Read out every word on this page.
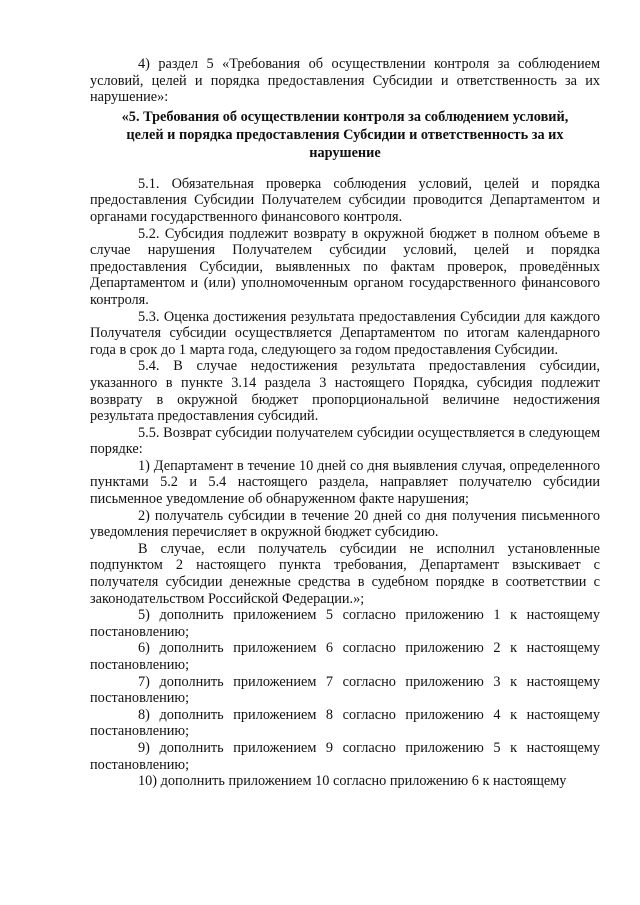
4) раздел 5 «Требования об осуществлении контроля за соблюдением условий, целей и порядка предоставления Субсидии и ответственность за их нарушение»:

«5. Требования об осуществлении контроля за соблюдением условий,
целей и порядка предоставления Субсидии и ответственность за их
нарушение

5.1. Обязательная проверка соблюдения условий, целей и порядка предоставления Субсидии Получателем субсидии проводится Департаментом и органами государственного финансового контроля.

5.2. Субсидия подлежит возврату в окружной бюджет в полном объеме в случае нарушения Получателем субсидии условий, целей и порядка предоставления Субсидии, выявленных по фактам проверок, проведённых Департаментом и (или) уполномоченным органом государственного финансового контроля.

5.3. Оценка достижения результата предоставления Субсидии для каждого Получателя субсидии осуществляется Департаментом по итогам календарного года в срок до 1 марта года, следующего за годом предоставления Субсидии.

5.4. В случае недостижения результата предоставления субсидии, указанного в пункте 3.14 раздела 3 настоящего Порядка, субсидия подлежит возврату в окружной бюджет пропорциональной величине недостижения результата предоставления субсидий.

5.5. Возврат субсидии получателем субсидии осуществляется в следующем порядке:

1) Департамент в течение 10 дней со дня выявления случая, определенного пунктами 5.2 и 5.4 настоящего раздела, направляет получателю субсидии письменное уведомление об обнаруженном факте нарушения;

2) получатель субсидии в течение 20 дней со дня получения письменного уведомления перечисляет в окружной бюджет субсидию.

В случае, если получатель субсидии не исполнил установленные подпунктом 2 настоящего пункта требования, Департамент взыскивает с получателя субсидии денежные средства в судебном порядке в соответствии с законодательством Российской Федерации.»;

5) дополнить приложением 5 согласно приложению 1 к настоящему постановлению;

6) дополнить приложением 6 согласно приложению 2 к настоящему постановлению;

7) дополнить приложением 7 согласно приложению 3 к настоящему постановлению;

8) дополнить приложением 8 согласно приложению 4 к настоящему постановлению;

9) дополнить приложением 9 согласно приложению 5 к настоящему постановлению;

10) дополнить приложением 10 согласно приложению 6 к настоящему
